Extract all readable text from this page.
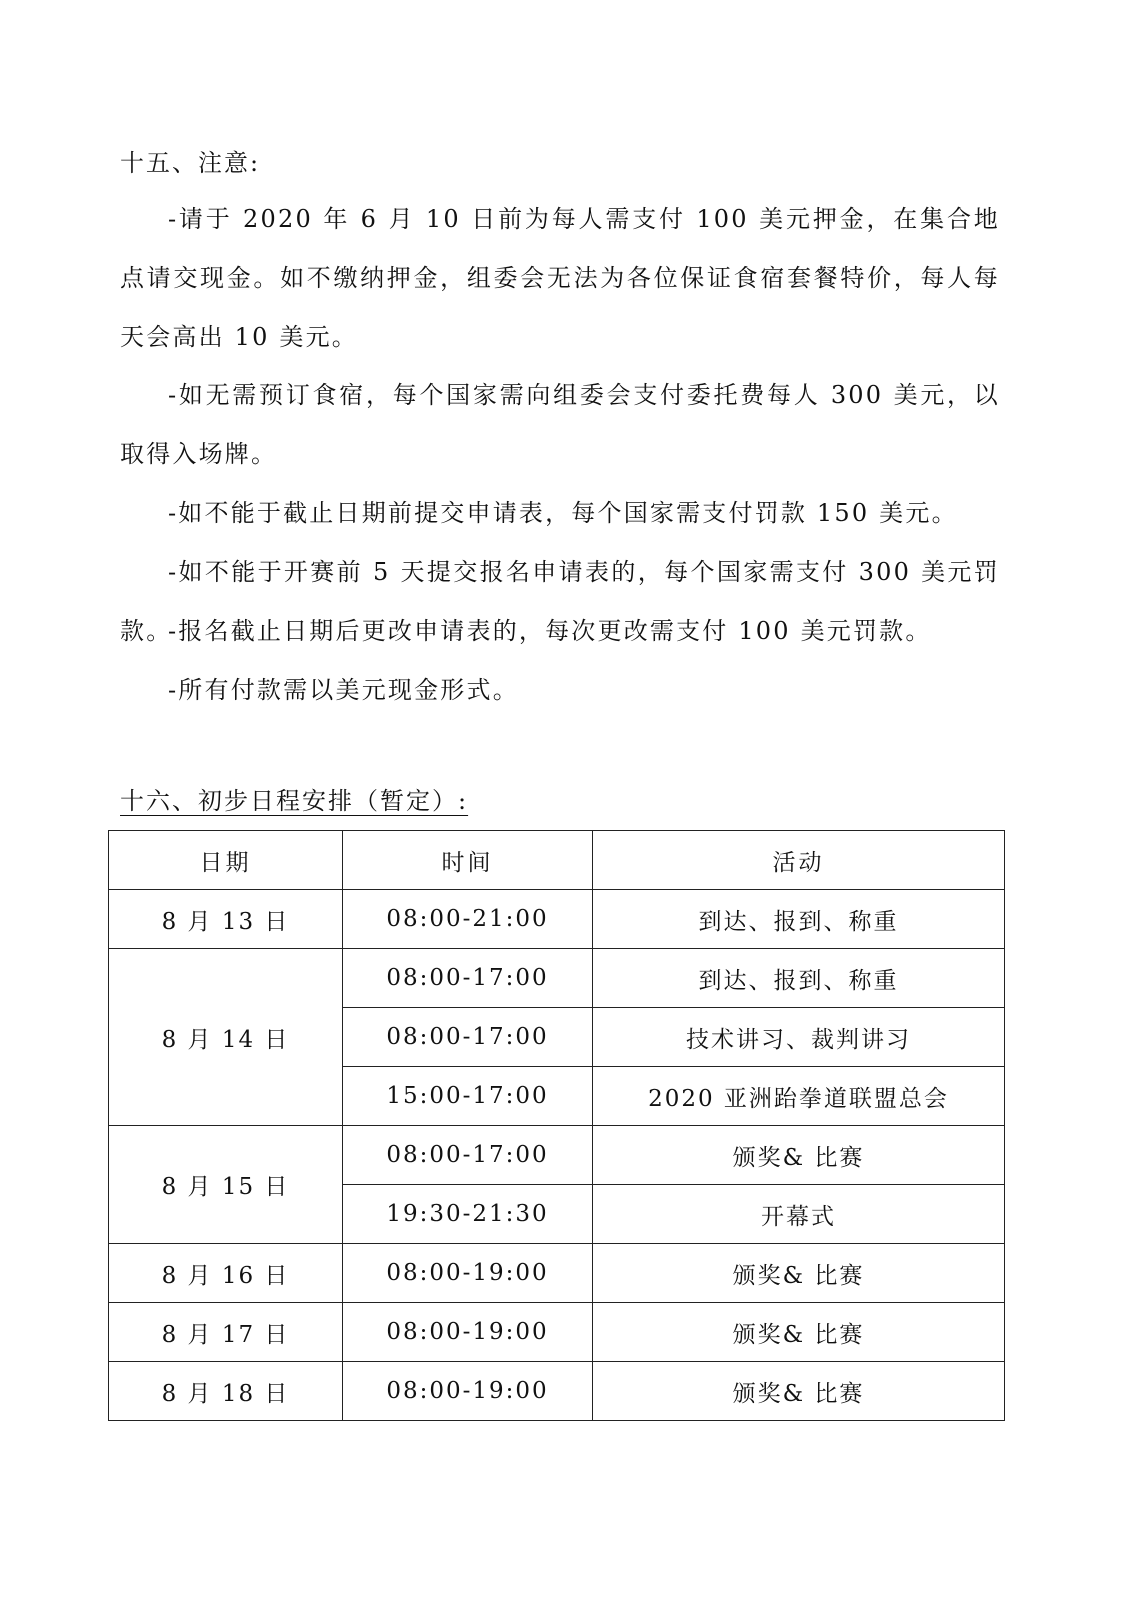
十五、注意:

-请于 2020 年 6 月 10 日前为每人需支付 100 美元押金，在集合地点请交现金。如不缴纳押金，组委会无法为各位保证食宿套餐特价，每人每天会高出 10 美元。

-如无需预订食宿，每个国家需向组委会支付委托费每人 300 美元，以取得入场牌。

-如不能于截止日期前提交申请表，每个国家需支付罚款 150 美元。

-如不能于开赛前 5 天提交报名申请表的，每个国家需支付 300 美元罚款。

-报名截止日期后更改申请表的，每次更改需支付 100 美元罚款。

-所有付款需以美元现金形式。

十六、初步日程安排（暂定）:
日期	时间	活动
8 月 13 日	08:00-21:00	到达、报到、称重
8 月 14 日	08:00-17:00	到达、报到、称重
	08:00-17:00	技术讲习、裁判讲习
	15:00-17:00	2020 亚洲跆拳道联盟总会
8 月 15 日	08:00-17:00	颁奖& 比赛
	19:30-21:30	开幕式
8 月 16 日	08:00-19:00	颁奖& 比赛
8 月 17 日	08:00-19:00	颁奖& 比赛
8 月 18 日	08:00-19:00	颁奖& 比赛
